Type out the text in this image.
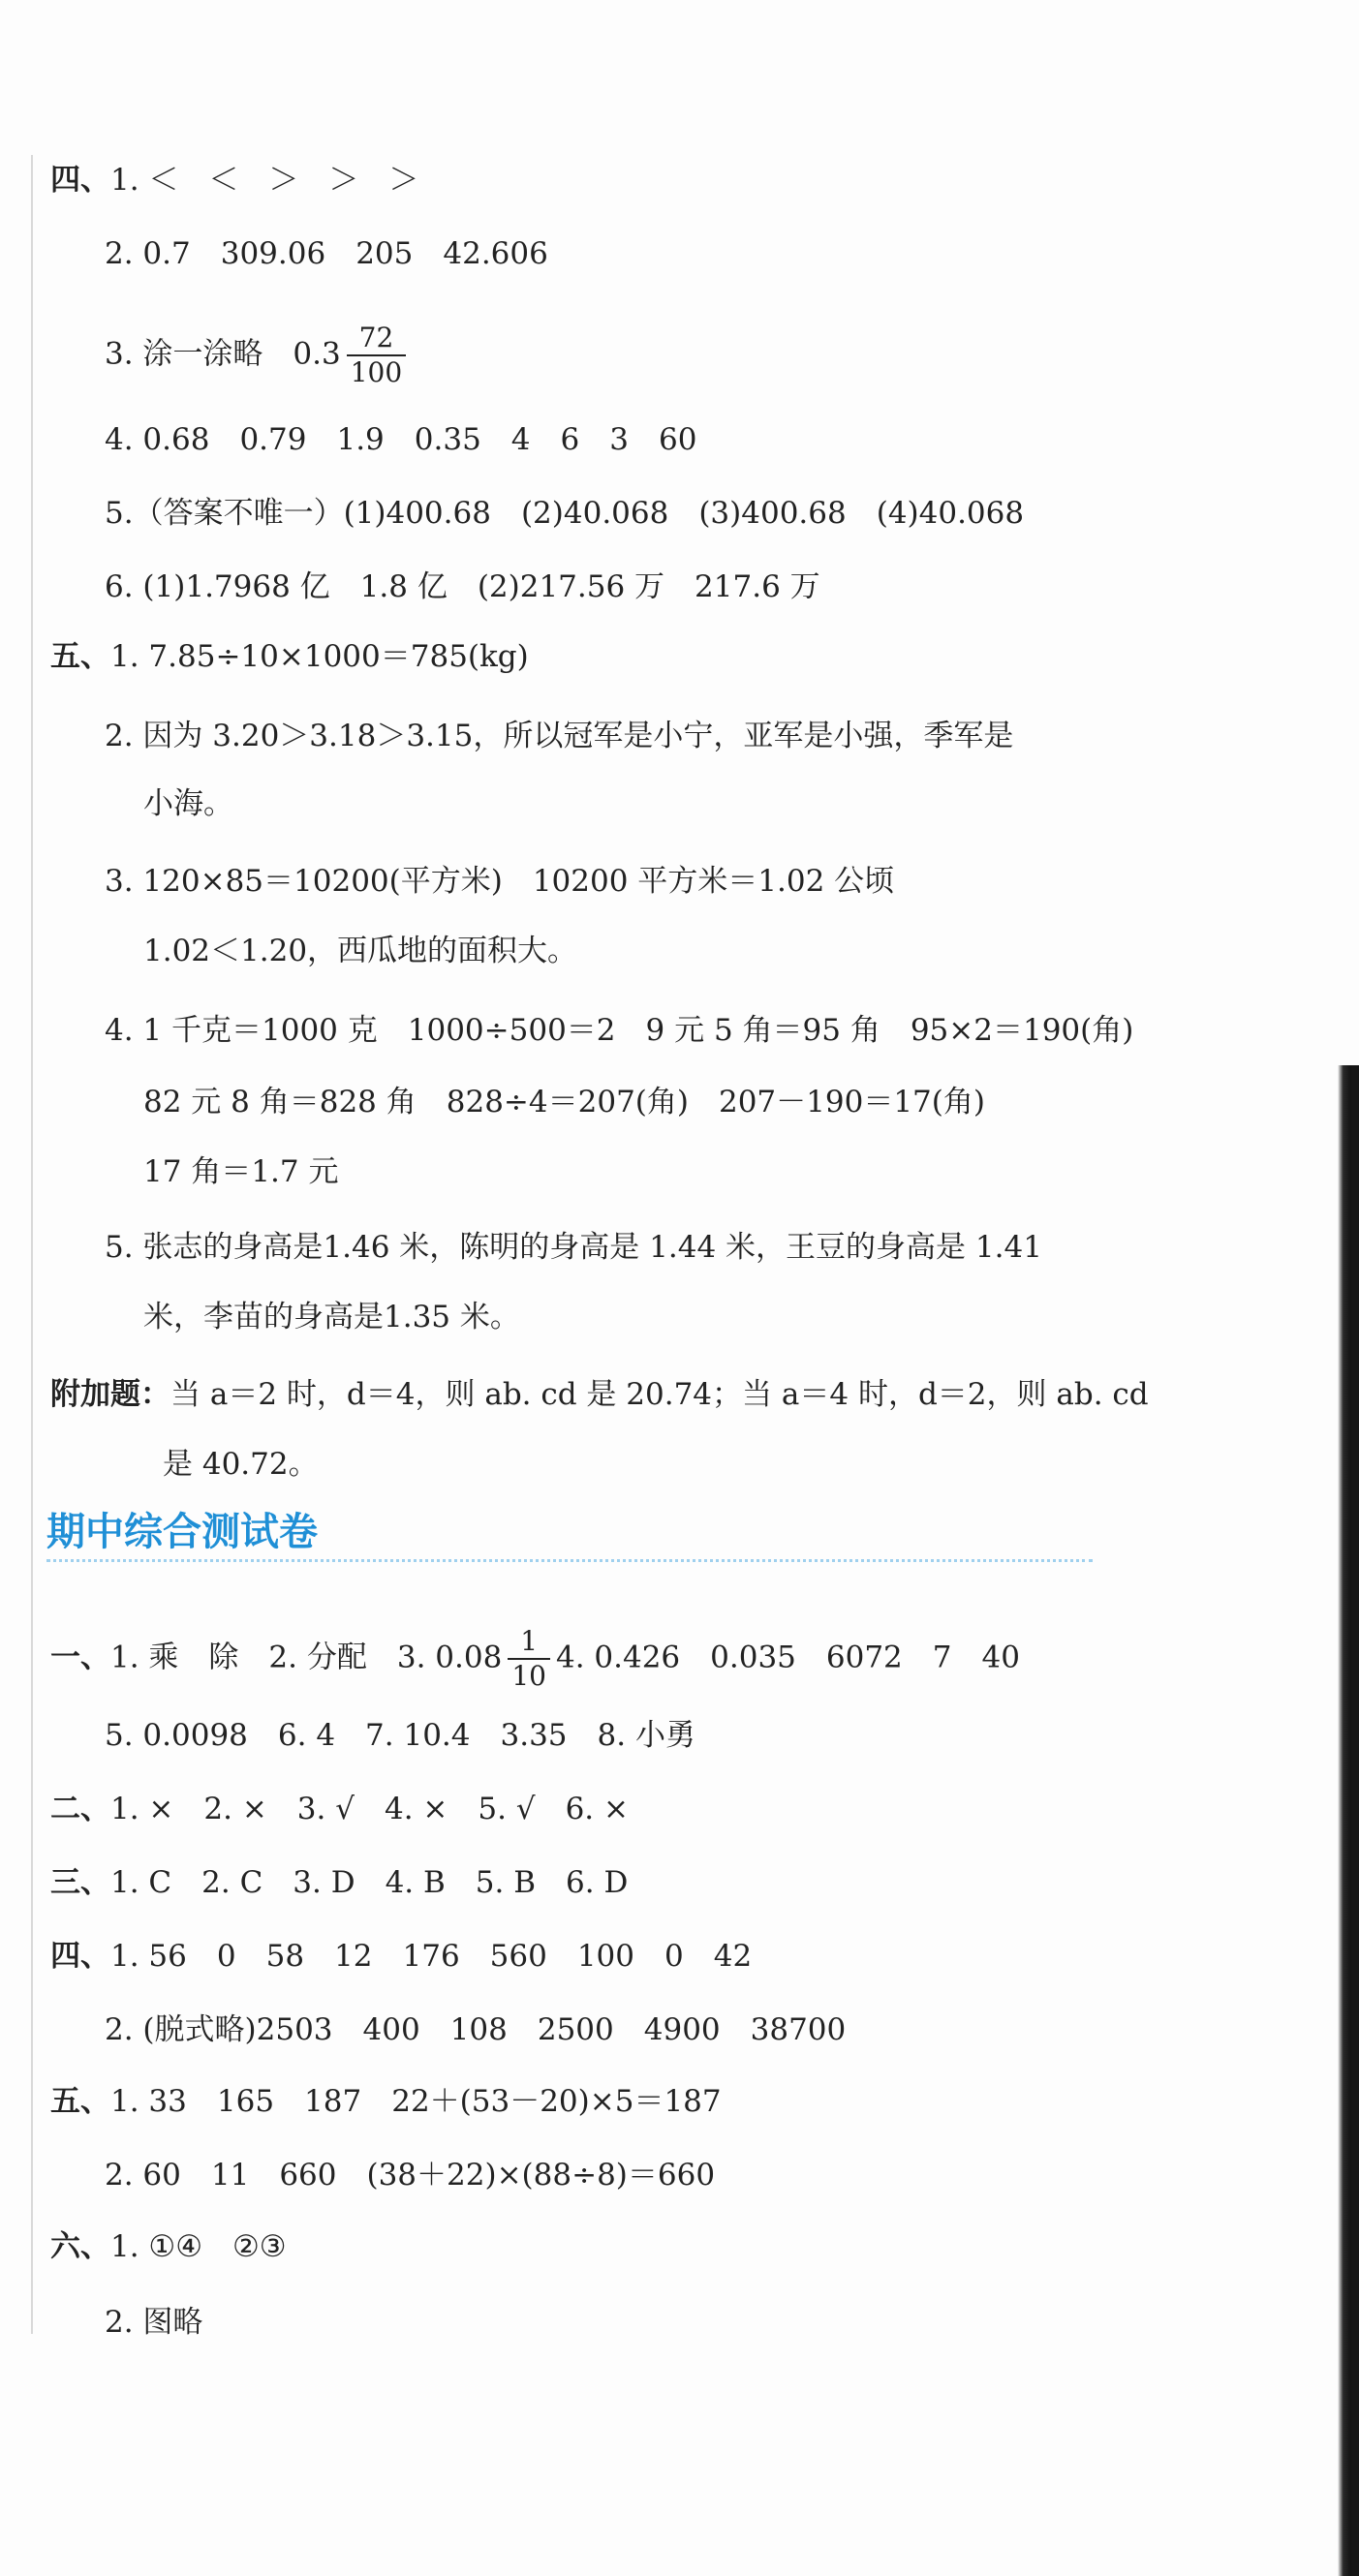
四、1. ＜　＜　＞　＞　＞
2. 0.7　309.06　205　42.606
3. 涂一涂略　$0.3 \frac{72}{100}$
4. 0.68　0.79　1.9　0.35　4　6　3　60
5.（答案不唯一）(1)400.68　(2)40.068　(3)400.68　(4)40.068
6. (1)1.7968 亿　1.8 亿　(2)217.56 万　217.6 万
五、1. 7.85÷10×1000＝785(kg)
2. 因为 3.20＞3.18＞3.15，所以冠军是小宁，亚军是小强，季军是
小海。
3. 120×85＝10200(平方米)　10200 平方米＝1.02 公顷
1.02＜1.20，西瓜地的面积大。
4. 1 千克＝1000 克　1000÷500＝2　9 元 5 角＝95 角　95×2＝190(角)
82 元 8 角＝828 角　828÷4＝207(角)　207－190＝17(角)
17 角＝1.7 元
5. 张志的身高是1.46 米，陈明的身高是 1.44 米，王豆的身高是 1.41
米，李苗的身高是1.35 米。
附加题：当 a＝2 时，d＝4，则 ab. cd 是 20.74；当 a＝4 时，d＝2，则 ab. cd
是 40.72。
期中综合测试卷
一、1. 乘　除　2. 分配　3. $0.08 \frac{1}{10} 4$. 0.426　0.035　6072　7　40
5. 0.0098　6. 4　7. 10.4　3.35　8. 小勇
二、1. ×　2. ×　3. √　4. ×　5. √　6. ×
三、1. C　2. C　3. D　4. B　5. B　6. D
四、1. 56　0　58　12　176　560　100　0　42
2. (脱式略)2503　400　108　2500　4900　38700
五、1. 33　165　187　22＋(53－20)×5＝187
2. 60　11　660　(38＋22)×(88÷8)＝660
六、1. ①④　②③
2. 图略
